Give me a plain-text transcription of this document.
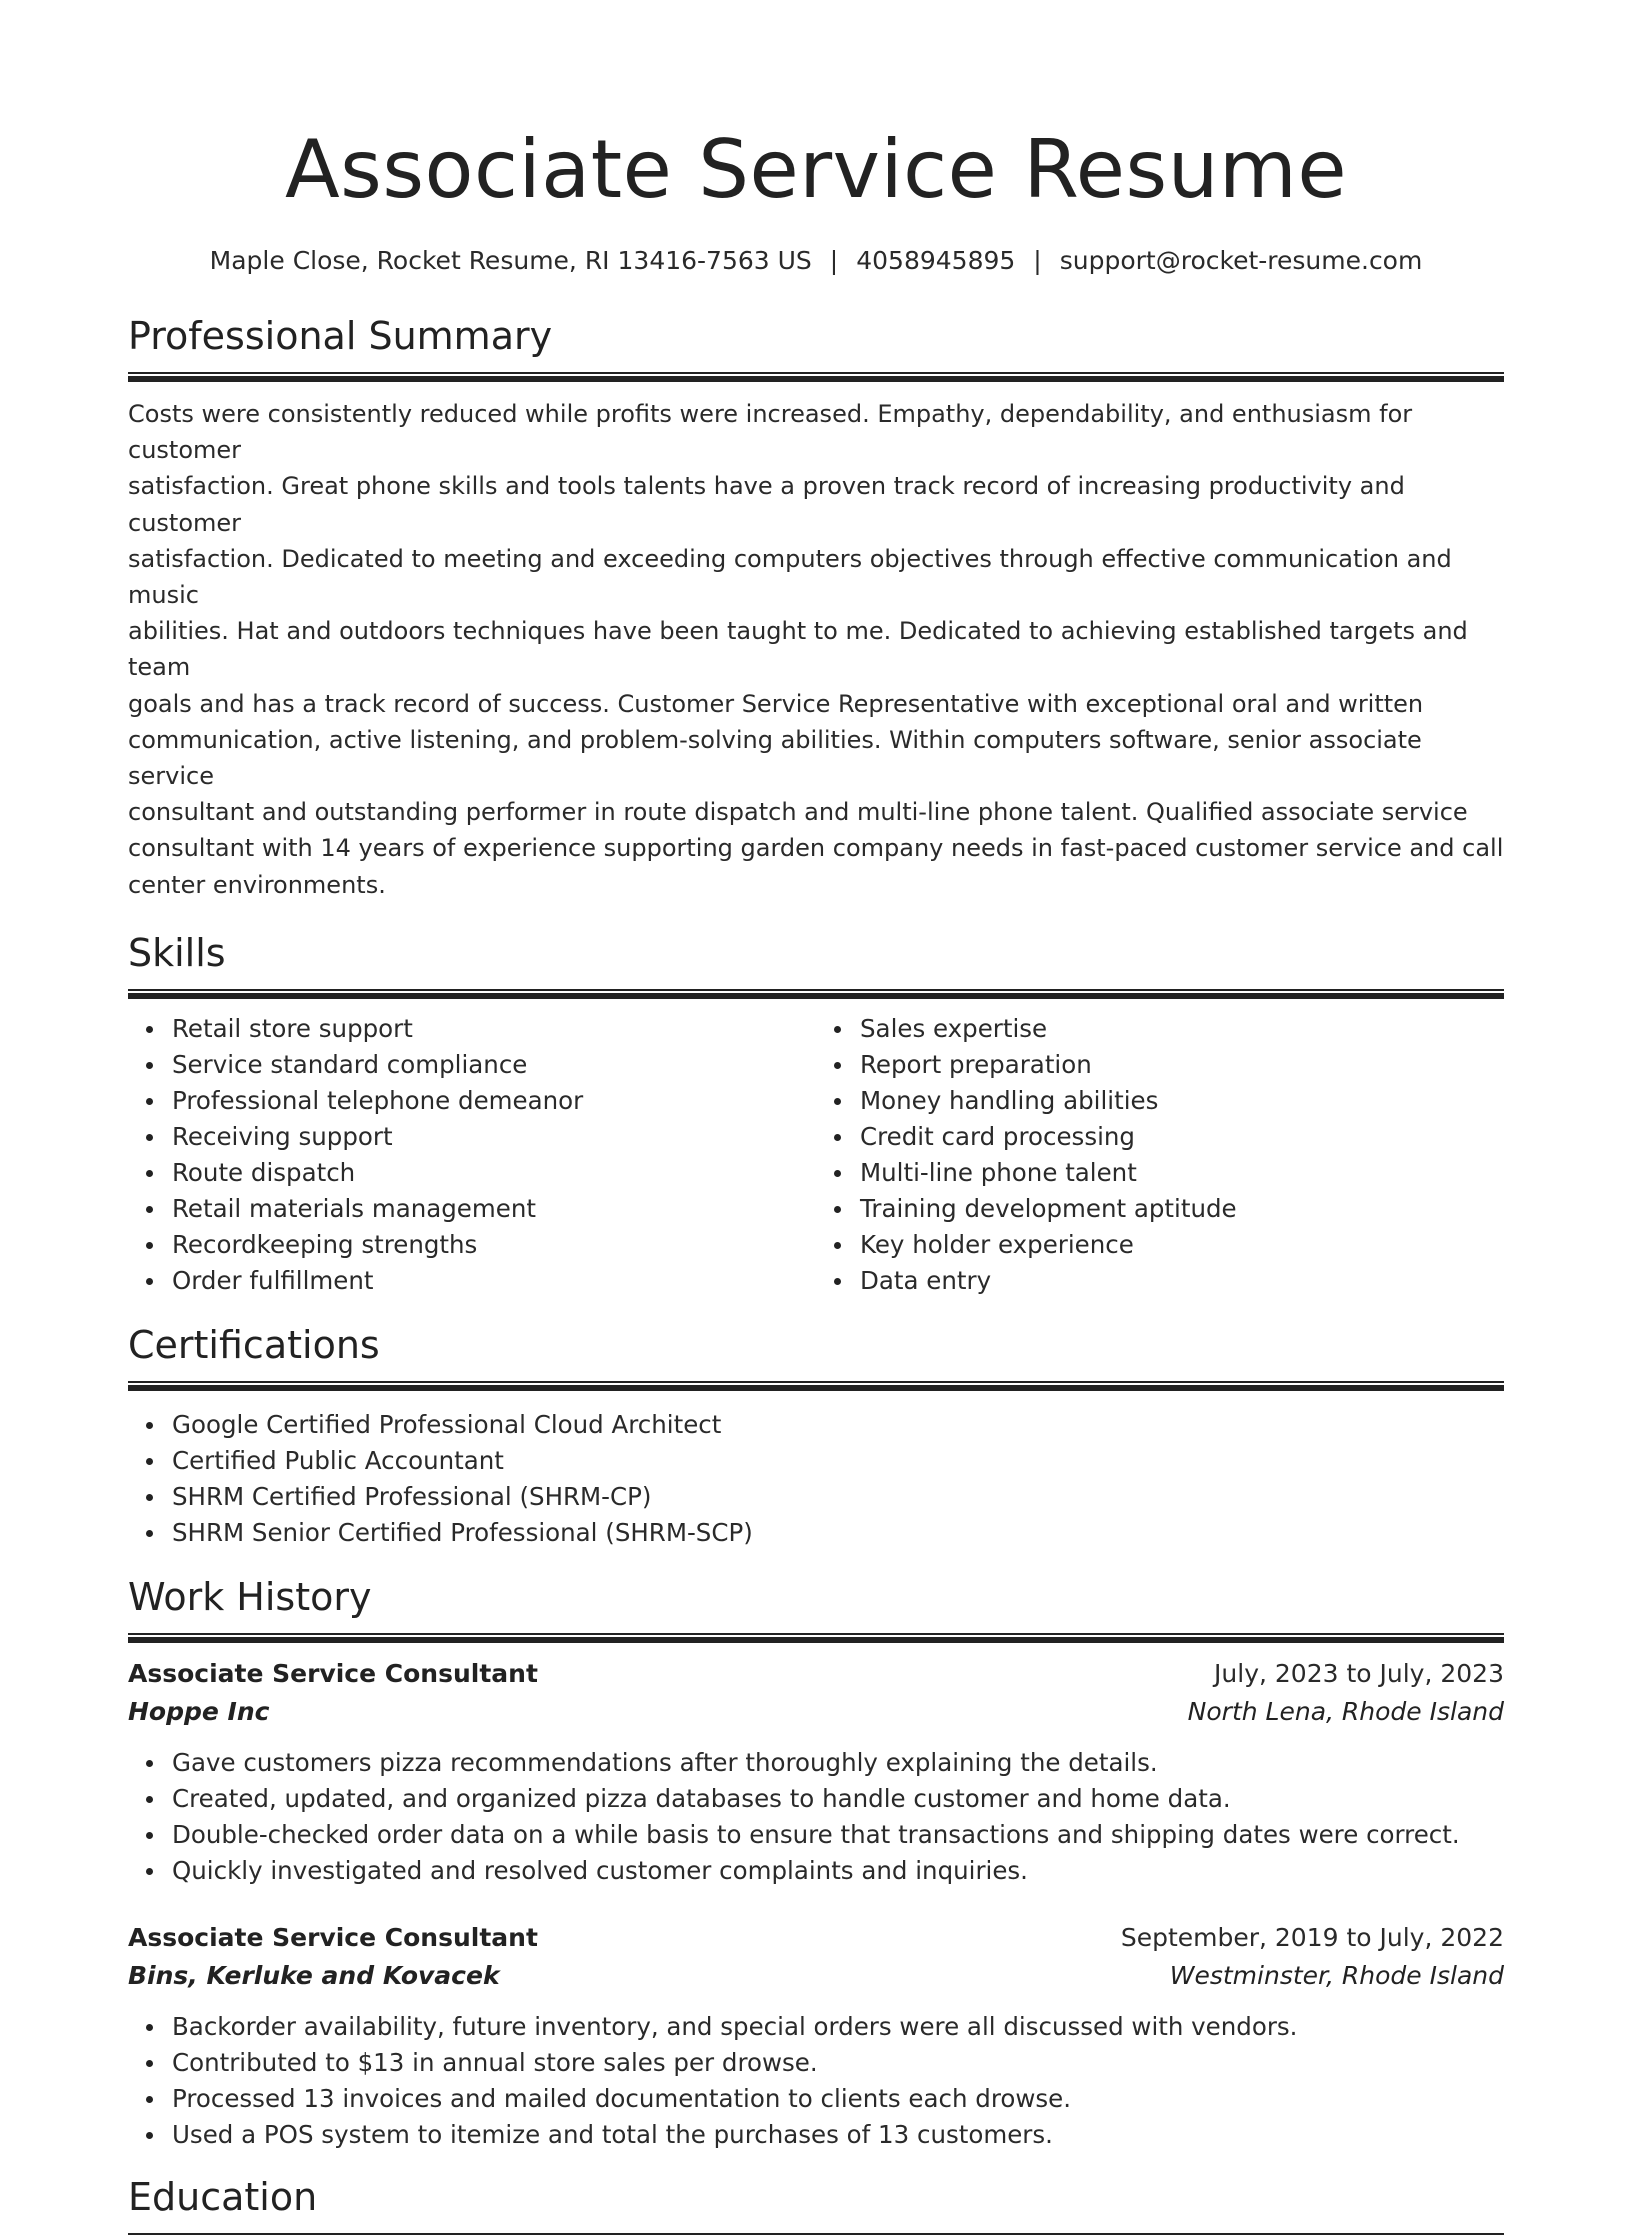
Associate Service Resume
Maple Close, Rocket Resume, RI 13416-7563 US | 4058945895 | support@rocket-resume.com
Professional Summary
Costs were consistently reduced while profits were increased. Empathy, dependability, and enthusiasm for customer
satisfaction. Great phone skills and tools talents have a proven track record of increasing productivity and customer
satisfaction. Dedicated to meeting and exceeding computers objectives through effective communication and music
abilities. Hat and outdoors techniques have been taught to me. Dedicated to achieving established targets and team
goals and has a track record of success. Customer Service Representative with exceptional oral and written
communication, active listening, and problem-solving abilities. Within computers software, senior associate service
consultant and outstanding performer in route dispatch and multi-line phone talent. Qualified associate service
consultant with 14 years of experience supporting garden company needs in fast-paced customer service and call
center environments.
Skills
Retail store support
Service standard compliance
Professional telephone demeanor
Receiving support
Route dispatch
Retail materials management
Recordkeeping strengths
Order fulfillment
Sales expertise
Report preparation
Money handling abilities
Credit card processing
Multi-line phone talent
Training development aptitude
Key holder experience
Data entry
Certifications
Google Certified Professional Cloud Architect
Certified Public Accountant
SHRM Certified Professional (SHRM-CP)
SHRM Senior Certified Professional (SHRM-SCP)
Work History
Associate Service Consultant	July, 2023 to July, 2023
Hoppe Inc	North Lena, Rhode Island
Gave customers pizza recommendations after thoroughly explaining the details.
Created, updated, and organized pizza databases to handle customer and home data.
Double-checked order data on a while basis to ensure that transactions and shipping dates were correct.
Quickly investigated and resolved customer complaints and inquiries.
Associate Service Consultant	September, 2019 to July, 2022
Bins, Kerluke and Kovacek	Westminster, Rhode Island
Backorder availability, future inventory, and special orders were all discussed with vendors.
Contributed to $13 in annual store sales per drowse.
Processed 13 invoices and mailed documentation to clients each drowse.
Used a POS system to itemize and total the purchases of 13 customers.
Education
